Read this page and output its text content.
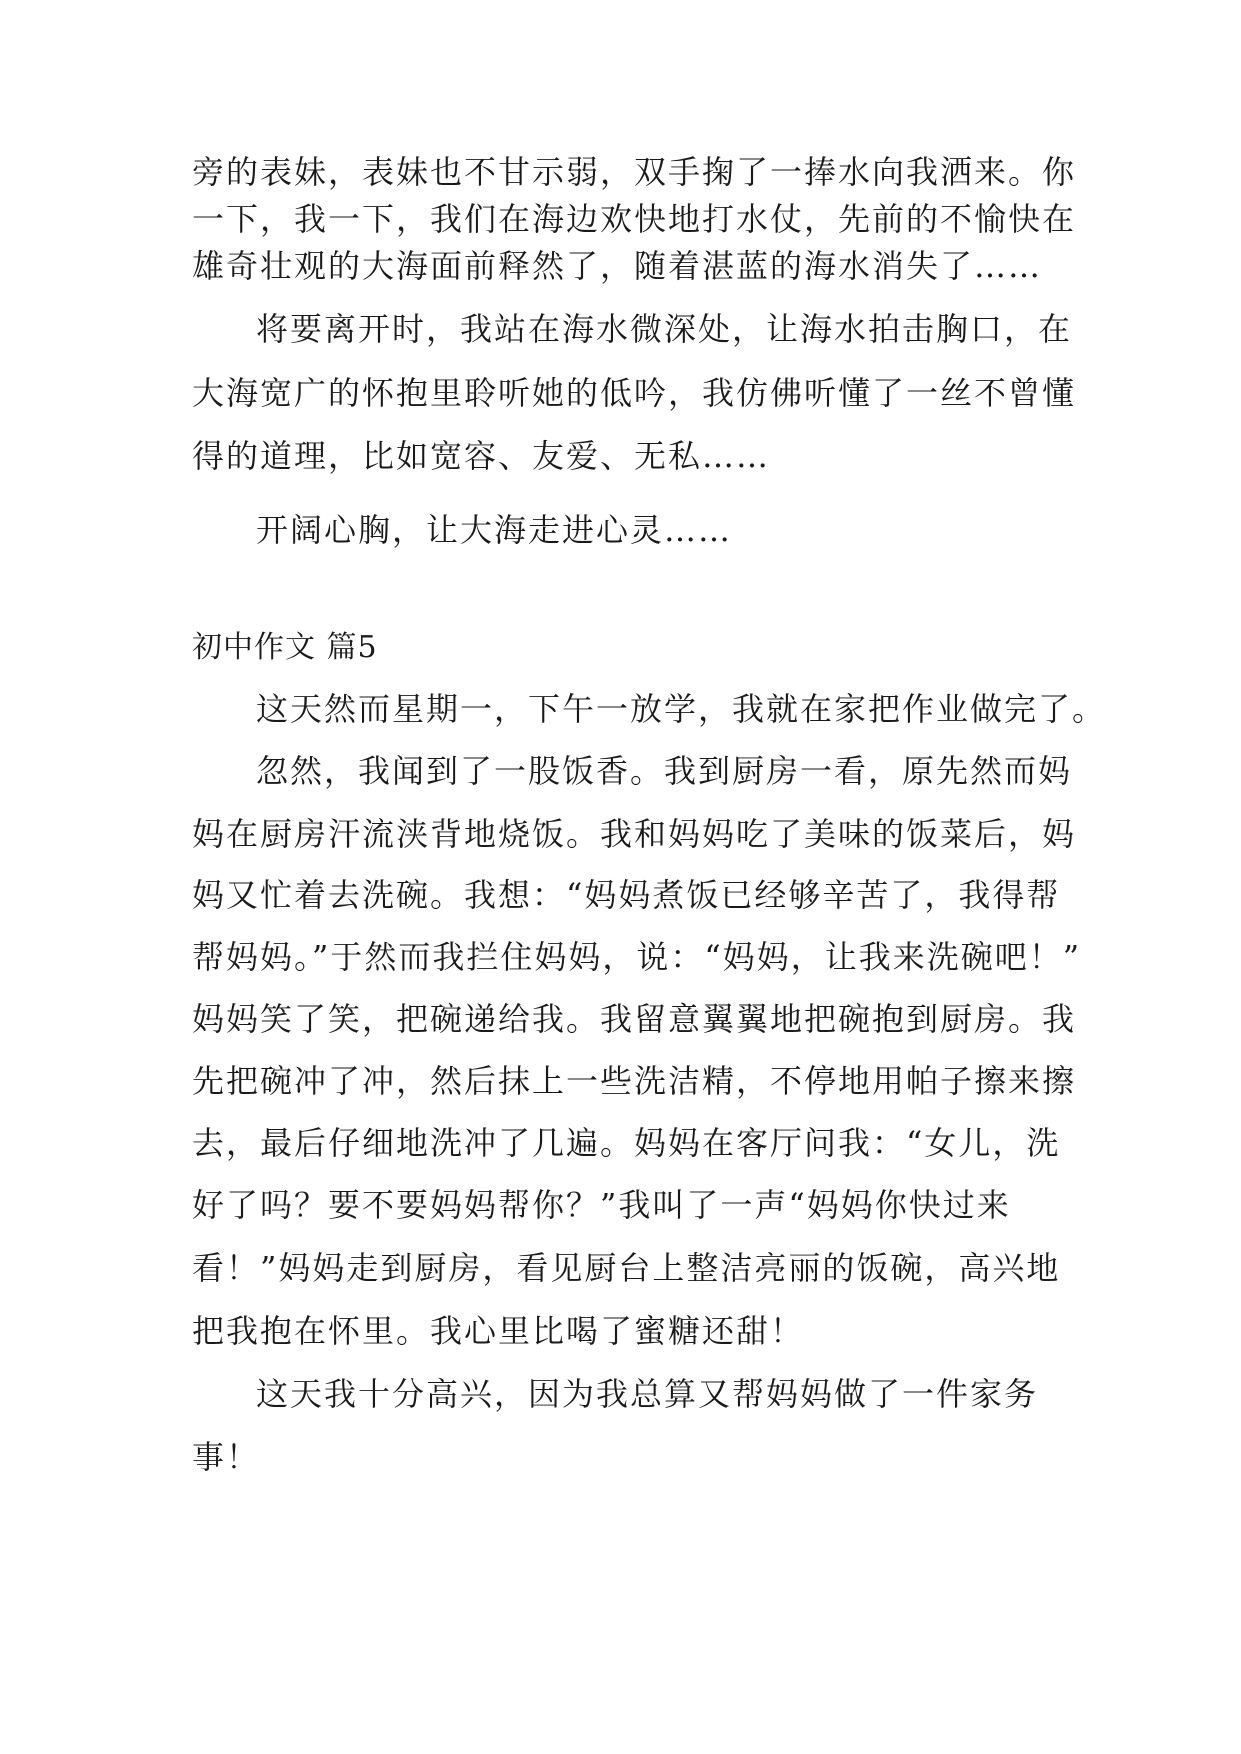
旁的表妹，表妹也不甘示弱，双手掬了一捧水向我洒来。你
一下，我一下，我们在海边欢快地打水仗，先前的不愉快在
雄奇壮观的大海面前释然了，随着湛蓝的海水消失了……
将要离开时，我站在海水微深处，让海水拍击胸口，在
大海宽广的怀抱里聆听她的低吟，我仿佛听懂了一丝不曾懂
得的道理，比如宽容、友爱、无私……
开阔心胸，让大海走进心灵……
初中作文 篇5
这天然而星期一，下午一放学，我就在家把作业做完了。
忽然，我闻到了一股饭香。我到厨房一看，原先然而妈
妈在厨房汗流浃背地烧饭。我和妈妈吃了美味的饭菜后，妈
妈又忙着去洗碗。我想：“妈妈煮饭已经够辛苦了，我得帮
帮妈妈。”于然而我拦住妈妈，说：“妈妈，让我来洗碗吧！”
妈妈笑了笑，把碗递给我。我留意翼翼地把碗抱到厨房。我
先把碗冲了冲，然后抹上一些洗洁精，不停地用帕子擦来擦
去，最后仔细地洗冲了几遍。妈妈在客厅问我：“女儿，洗
好了吗？要不要妈妈帮你？”我叫了一声“妈妈你快过来
看！”妈妈走到厨房，看见厨台上整洁亮丽的饭碗，高兴地
把我抱在怀里。我心里比喝了蜜糖还甜！
这天我十分高兴，因为我总算又帮妈妈做了一件家务
事！
